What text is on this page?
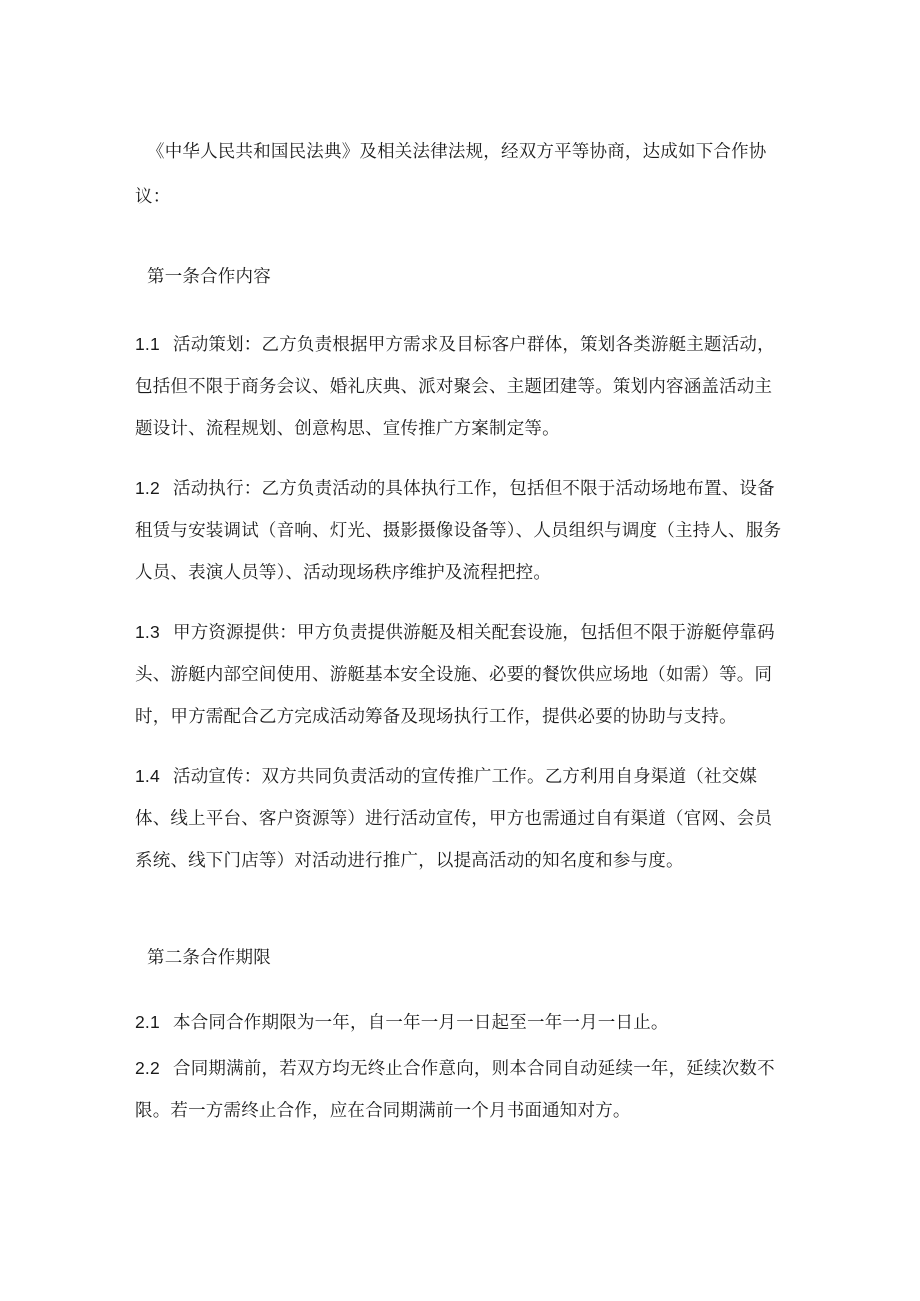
《中华人民共和国民法典》及相关法律法规，经双方平等协商，达成如下合作协议：

第一条合作内容

1.1 活动策划：乙方负责根据甲方需求及目标客户群体，策划各类游艇主题活动，包括但不限于商务会议、婚礼庆典、派对聚会、主题团建等。策划内容涵盖活动主题设计、流程规划、创意构思、宣传推广方案制定等。

1.2 活动执行：乙方负责活动的具体执行工作，包括但不限于活动场地布置、设备租赁与安装调试（音响、灯光、摄影摄像设备等）、人员组织与调度（主持人、服务人员、表演人员等）、活动现场秩序维护及流程把控。

1.3 甲方资源提供：甲方负责提供游艇及相关配套设施，包括但不限于游艇停靠码头、游艇内部空间使用、游艇基本安全设施、必要的餐饮供应场地（如需）等。同时，甲方需配合乙方完成活动筹备及现场执行工作，提供必要的协助与支持。

1.4 活动宣传：双方共同负责活动的宣传推广工作。乙方利用自身渠道（社交媒体、线上平台、客户资源等）进行活动宣传，甲方也需通过自有渠道（官网、会员系统、线下门店等）对活动进行推广，以提高活动的知名度和参与度。

第二条合作期限

2.1 本合同合作期限为一年，自一年一月一日起至一年一月一日止。

2.2 合同期满前，若双方均无终止合作意向，则本合同自动延续一年，延续次数不限。若一方需终止合作，应在合同期满前一个月书面通知对方。
